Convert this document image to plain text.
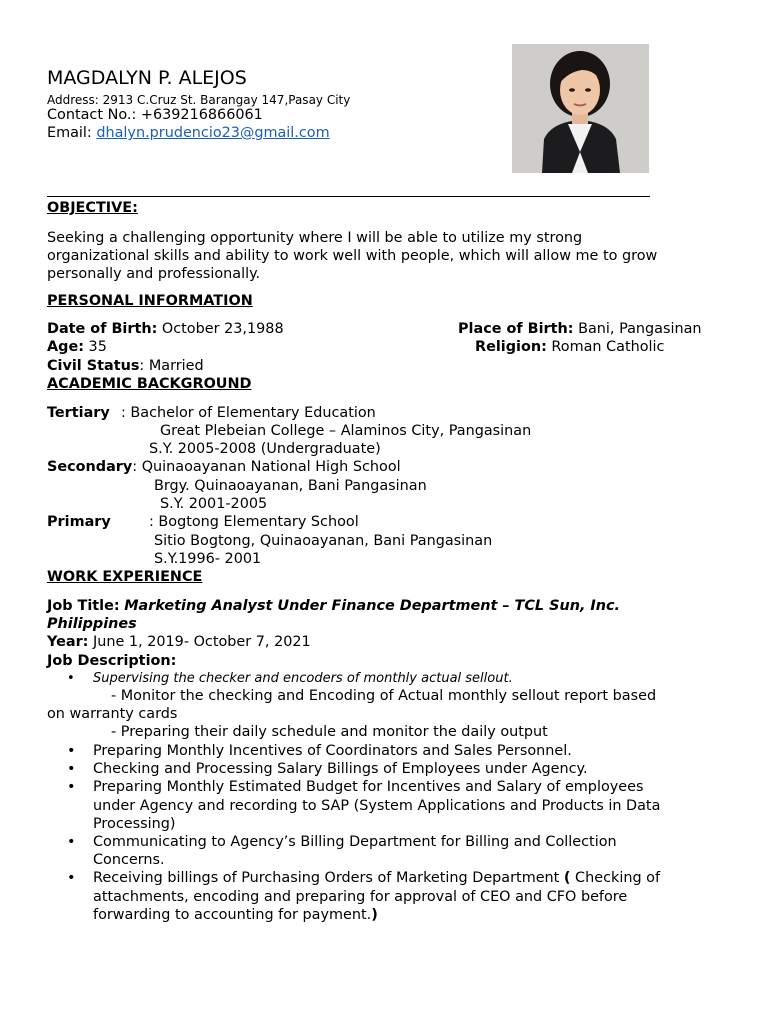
MAGDALYN P. ALEJOS
Address: 2913 C.Cruz St. Barangay 147,Pasay City
Contact No.: +639216866061
Email: dhalyn.prudencio23@gmail.com
OBJECTIVE:
Seeking a challenging opportunity where I will be able to utilize my strong
organizational skills and ability to work well with people, which will allow me to grow
personally and professionally.
PERSONAL INFORMATION
Date of Birth: October 23,1988	Place of Birth: Bani, Pangasinan
Age: 35	Religion: Roman Catholic
Civil Status: Married
ACADEMIC BACKGROUND
Tertiary : Bachelor of Elementary Education
Great Plebeian College – Alaminos City, Pangasinan
S.Y. 2005-2008 (Undergraduate)
Secondary: Quinaoayanan National High School
Brgy. Quinaoayanan, Bani Pangasinan
S.Y. 2001-2005
Primary	: Bogtong Elementary School
Sitio Bogtong, Quinaoayanan, Bani Pangasinan
S.Y.1996- 2001
WORK EXPERIENCE
Job Title: Marketing Analyst Under Finance Department – TCL Sun, Inc.
Philippines
Year: June 1, 2019- October 7, 2021
Job Description:
• Supervising the checker and encoders of monthly actual sellout.
- Monitor the checking and Encoding of Actual monthly sellout report based
on warranty cards
- Preparing their daily schedule and monitor the daily output
• Preparing Monthly Incentives of Coordinators and Sales Personnel.
• Checking and Processing Salary Billings of Employees under Agency.
• Preparing Monthly Estimated Budget for Incentives and Salary of employees
under Agency and recording to SAP (System Applications and Products in Data
Processing)
• Communicating to Agency’s Billing Department for Billing and Collection
Concerns.
• Receiving billings of Purchasing Orders of Marketing Department ( Checking of
attachments, encoding and preparing for approval of CEO and CFO before
forwarding to accounting for payment.)
